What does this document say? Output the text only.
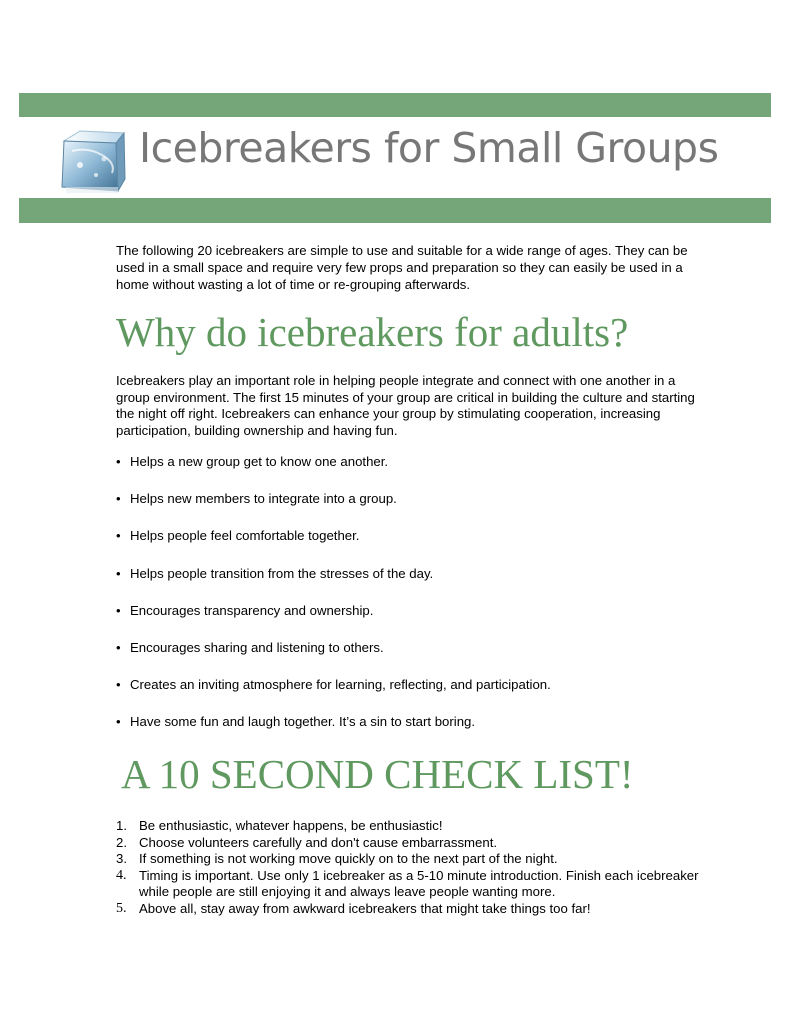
Icebreakers for Small Groups

The following 20 icebreakers are simple to use and suitable for a wide range of ages. They can be used in a small space and require very few props and preparation so they can easily be used in a home without wasting a lot of time or re-grouping afterwards.

Why do icebreakers for adults?

Icebreakers play an important role in helping people integrate and connect with one another in a group environment. The first 15 minutes of your group are critical in building the culture and starting the night off right. Icebreakers can enhance your group by stimulating cooperation, increasing participation, building ownership and having fun.

• Helps a new group get to know one another.
• Helps new members to integrate into a group.
• Helps people feel comfortable together.
• Helps people transition from the stresses of the day.
• Encourages transparency and ownership.
• Encourages sharing and listening to others.
• Creates an inviting atmosphere for learning, reflecting, and participation.
• Have some fun and laugh together. It’s a sin to start boring.
A 10 SECOND CHECK LIST!
1. Be enthusiastic, whatever happens, be enthusiastic!
2. Choose volunteers carefully and don't cause embarrassment.
3. If something is not working move quickly on to the next part of the night.
4. Timing is important. Use only 1 icebreaker as a 5-10 minute introduction. Finish each icebreaker while people are still enjoying it and always leave people wanting more.
5. Above all, stay away from awkward icebreakers that might take things too far!
